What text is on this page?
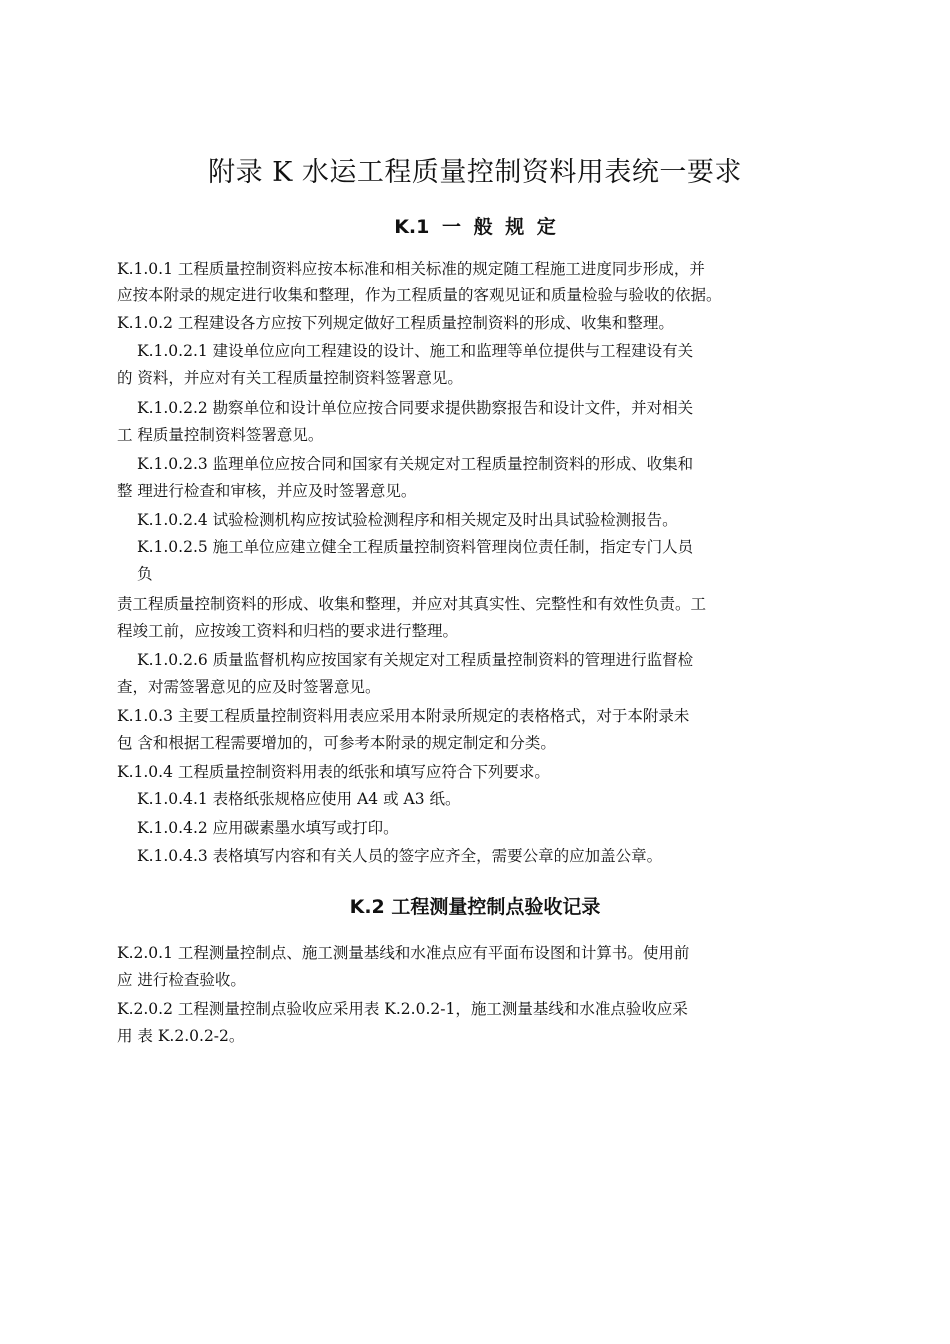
附录 K 水运工程质量控制资料用表统一要求
K.1 一 般 规 定
K.1.0.1 工程质量控制资料应按本标准和相关标准的规定随工程施工进度同步形成，并
应按本附录的规定进行收集和整理，作为工程质量的客观见证和质量检验与验收的依据。
K.1.0.2 工程建设各方应按下列规定做好工程质量控制资料的形成、收集和整理。
K.1.0.2.1 建设单位应向工程建设的设计、施工和监理等单位提供与工程建设有关
的 资料，并应对有关工程质量控制资料签署意见。
K.1.0.2.2 勘察单位和设计单位应按合同要求提供勘察报告和设计文件，并对相关
工 程质量控制资料签署意见。
K.1.0.2.3 监理单位应按合同和国家有关规定对工程质量控制资料的形成、收集和
整 理进行检查和审核，并应及时签署意见。
K.1.0.2.4 试验检测机构应按试验检测程序和相关规定及时出具试验检测报告。
K.1.0.2.5 施工单位应建立健全工程质量控制资料管理岗位责任制，指定专门人员
负
责工程质量控制资料的形成、收集和整理，并应对其真实性、完整性和有效性负责。工
程竣工前，应按竣工资料和归档的要求进行整理。
K.1.0.2.6 质量监督机构应按国家有关规定对工程质量控制资料的管理进行监督检
查，对需签署意见的应及时签署意见。
K.1.0.3 主要工程质量控制资料用表应采用本附录所规定的表格格式，对于本附录未
包 含和根据工程需要增加的，可参考本附录的规定制定和分类。
K.1.0.4 工程质量控制资料用表的纸张和填写应符合下列要求。
K.1.0.4.1 表格纸张规格应使用 A4 或 A3 纸。
K.1.0.4.2 应用碳素墨水填写或打印。
K.1.0.4.3 表格填写内容和有关人员的签字应齐全，需要公章的应加盖公章。
K.2 工程测量控制点验收记录
K.2.0.1 工程测量控制点、施工测量基线和水准点应有平面布设图和计算书。使用前
应 进行检查验收。
K.2.0.2 工程测量控制点验收应采用表 K.2.0.2-1，施工测量基线和水准点验收应采
用 表 K.2.0.2-2。
